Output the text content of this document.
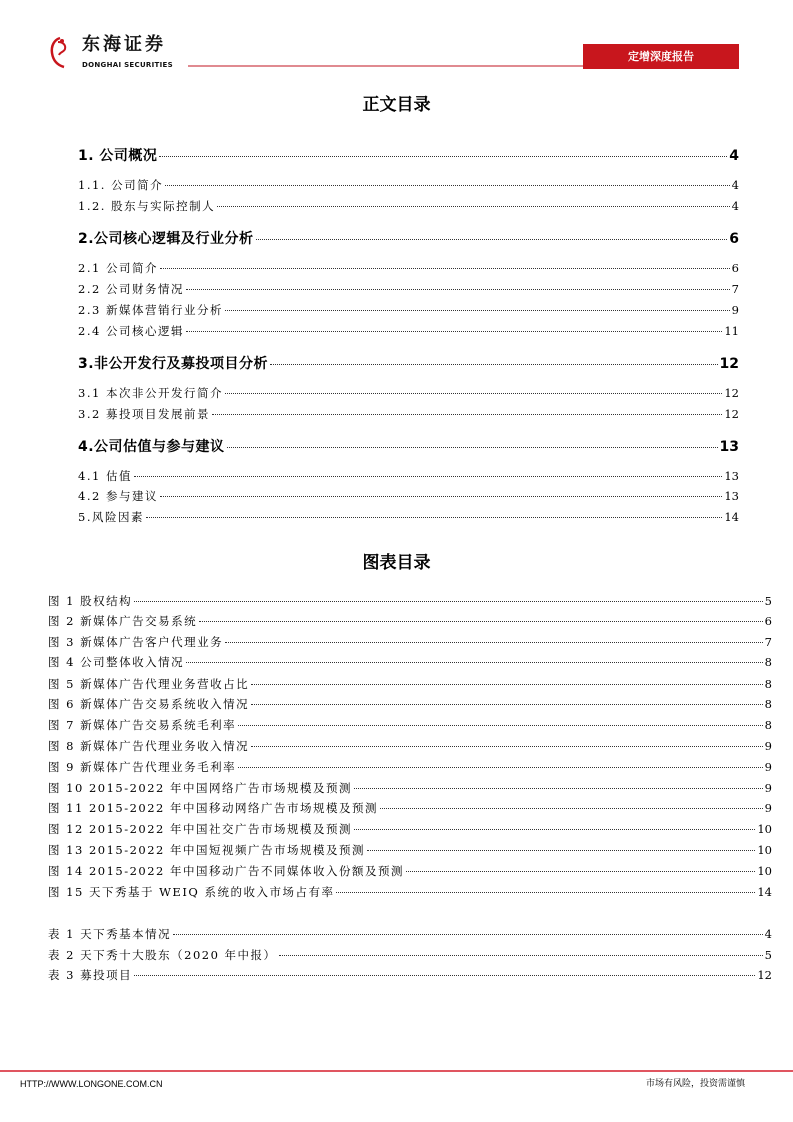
东海证券
DONGHAI SECURITIES
定增深度报告
正文目录
1. 公司概况	4
1.1. 公司简介	4
1.2. 股东与实际控制人	4
2.公司核心逻辑及行业分析	6
2.1 公司简介	6
2.2 公司财务情况	7
2.3 新媒体营销行业分析	9
2.4 公司核心逻辑	11
3.非公开发行及募投项目分析	12
3.1 本次非公开发行简介	12
3.2 募投项目发展前景	12
4.公司估值与参与建议	13
4.1 估值	13
4.2 参与建议	13
5.风险因素	14
图表目录
图 1 股权结构	5
图 2 新媒体广告交易系统	6
图 3 新媒体广告客户代理业务	7
图 4 公司整体收入情况	8
图 5 新媒体广告代理业务营收占比	8
图 6 新媒体广告交易系统收入情况	8
图 7 新媒体广告交易系统毛利率	8
图 8 新媒体广告代理业务收入情况	9
图 9 新媒体广告代理业务毛利率	9
图 10 2015-2022 年中国网络广告市场规模及预测	9
图 11 2015-2022 年中国移动网络广告市场规模及预测	9
图 12 2015-2022 年中国社交广告市场规模及预测	10
图 13 2015-2022 年中国短视频广告市场规模及预测	10
图 14 2015-2022 年中国移动广告不同媒体收入份额及预测	10
图 15 天下秀基于 WEIQ 系统的收入市场占有率	14
表 1 天下秀基本情况	4
表 2 天下秀十大股东（2020 年中报）	5
表 3 募投项目	12
HTTP://WWW.LONGONE.COM.CN	市场有风险，投资需谨慎
